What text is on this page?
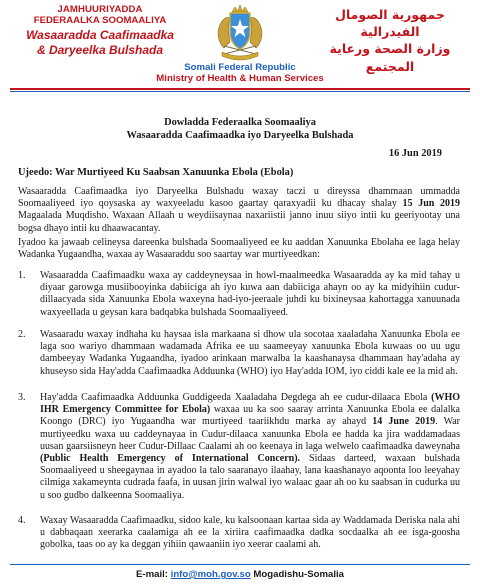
JAMHUURIYADDA
FEDERAALKA SOOMAALIYA
Wasaaradda Caafimaadka
& Daryeelka Bulshada
جمهورية الصومال الفيدرالية
وزارة الصحة ورعاية المجتمع
Somali Federal Republic
Ministry of Health & Human Services
Dowladda Federaalka Soomaaliya
Wasaaradda Caafimaadka iyo Daryeelka Bulshada
16 Jun 2019
Ujeedo: War Murtiyeed Ku Saabsan Xanuunka Ebola (Ebola)
Wasaaradda Caafimaadka iyo Daryeelka Bulshadu waxay taczi u direyssa dhammaan ummadda Soomaaliyeed iyo qoysaska ay waxyeeladu kasoo gaartay qaraxyadii ku dhacay shalay 15 Jun 2019 Magaalada Muqdisho. Waxaan Allaah u weydiisaynaa naxariistii janno inuu siiyo intii ku geeriyootay una bogsa dhayo intii ku dhaawacantay.
Iyadoo ka jawaab celineysa dareenka bulshada Soomaaliyeed ee ku aaddan Xanuunka Ebolaha ee laga helay Wadanka Yugaandha, waxaa ay Wasaaraddu soo saartay war murtiyeedkan:
1.	Wasaaradda Caafimaadku waxa ay caddeyneysaa in howl-maalmeedka Wasaaradda ay ka mid tahay u diyaar garowga musiibooyinka dabiiciga ah iyo kuwa aan dabiiciga ahayn oo ay ka midyihiin cudur-dillaacyada sida Xanuunka Ebola waxeyna had-iyo-jeeraale juhdi ku bixineysaa kahortagga xanuunada waxyeellada u geysan kara badqabka bulshada Soomaaliyeed.
2.	Wasaaradu waxay indhaha ku haysaa isla markaana si dhow ula socotaa xaaladaha Xanuunka Ebola ee laga soo wariyo dhammaan wadamada Afrika ee uu saameeyay xanuunka Ebola kuwaas oo uu ugu dambeeyay Wadanka Yugaandha, iyadoo arinkaan marwalba la kaashanaysa dhammaan hay'adaha ay khuseyso sida Hay'adda Caafimaadka Adduunka (WHO) iyo Hay'adda IOM, iyo ciddi kale ee la mid ah.
3.	Hay'adda Caafimaadka Adduunka Guddigeeda Xaaladaha Degdega ah ee cudur-dilaaca Ebola (WHO IHR Emergency Committee for Ebola) waxaa uu ka soo saaray arrinta Xanuunka Ebola ee dalalka Koongo (DRC) iyo Yugaandha war murtiyeed taariikhdu marka ay ahayd 14 June 2019. War murtiyeedku waxa uu caddeynayaa in Cudur-dilaaca xanuunka Ebola ee hadda ka jira waddamadaas uusan gaarsiisneyn heer Cudur-Dillaac Caalami ah oo keenaya in laga welwelo caafimaadka daweynaha (Public Health Emergency of International Concern). Sidaas darteed, waxaan bulshada Soomaaliyeed u sheegaynaa in ayadoo la talo saaranayo ilaahay, lana kaashanayo aqoonta loo leeyahay cilmiga xakameynta cudrada faafa, in uusan jirin walwal iyo walaac gaar ah oo ku saabsan in cudurka uu u soo gudbo dalkeenna Soomaaliya.
4.	Waxay Wasaaradda Caafimaadku, sidoo kale, ku kalsoonaan kartaa sida ay Waddamada Deriska nala ahi u dabbaqaan xeerarka caalamiga ah ee la xiriira caafimaadka dadka socdaalka ah ee isga-gooshа gobolka, taas oo ay ka deggan yihiin qawaaniin iyo xeerar caalami ah.
E-mail: info@moh.gov.so Mogadishu-Somalia
